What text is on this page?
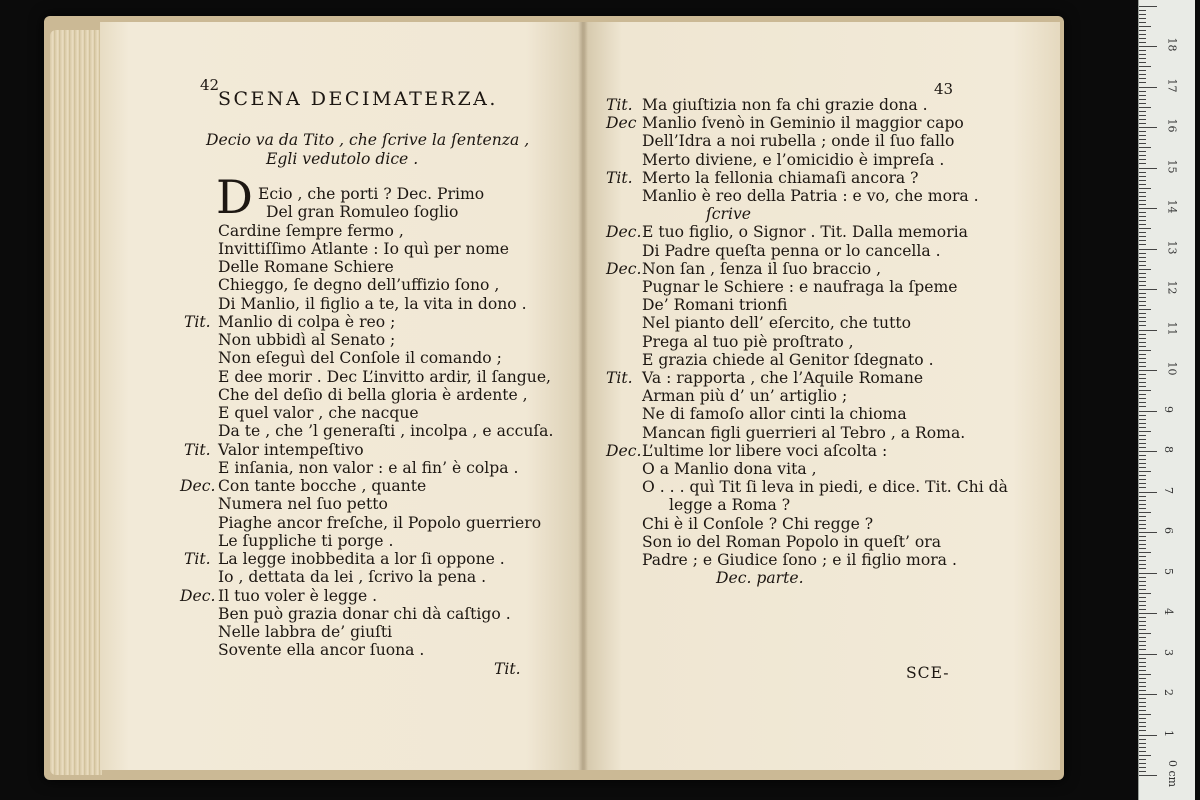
42
SCENA DECIMATERZA.
Decio va da Tito , che ſcrive la ſentenza ,
Egli vedutolo dice .
D Ecio , che porti ? Dec. Primo
Del gran Romuleo ſoglio
Cardine ſempre fermo ,
Invittiſſimo Atlante : Io quì per nome
Delle Romane Schiere
Chieggo, ſe degno dell’uffizio ſono ,
Di Manlio, il figlio a te, la vita in dono .
Tit. Manlio di colpa è reo ;
Non ubbidì al Senato ;
Non eſeguì del Conſole il comando ;
E dee morir . Dec L’invitto ardir, il ſangue,
Che del deſio di bella gloria è ardente ,
E quel valor , che nacque
Da te , che ’l generaſti , incolpa , e accuſa.
Tit. Valor intempeſtivo
E inſania, non valor : e al fin’ è colpa .
Dec. Con tante bocche , quante
Numera nel ſuo petto
Piaghe ancor freſche, il Popolo guerriero
Le ſuppliche ti porge .
Tit. La legge inobbedita a lor ſi oppone .
Io , dettata da lei , ſcrivo la pena .
Dec. Il tuo voler è legge .
Ben può grazia donar chi dà caſtigo .
Nelle labbra de’ giuſti
Sovente ella ancor ſuona .
Tit.
43
Tit. Ma giuſtizia non fa chi grazie dona .
Dec Manlio ſvenò in Geminio il maggior capo
Dell’Idra a noi rubella ; onde il ſuo fallo
Merto diviene, e l’omicidio è impreſa .
Tit. Merto la fellonia chiamaſi ancora ?
Manlio è reo della Patria : e vo, che mora .
ſcrive
Dec. E tuo figlio, o Signor . Tit. Dalla memoria
Di Padre queſta penna or lo cancella .
Dec. Non ſan , ſenza il ſuo braccio ,
Pugnar le Schiere : e naufraga la ſpeme
De’ Romani trionfi
Nel pianto dell’ eſercito, che tutto
Prega al tuo piè proſtrato ,
E grazia chiede al Genitor ſdegnato .
Tit. Va : rapporta , che l’Aquile Romane
Arman più d’ un’ artiglio ;
Ne di famoſo allor cinti la chioma
Mancan figli guerrieri al Tebro , a Roma.
Dec. L’ultime lor libere voci aſcolta :
O a Manlio dona vita ,
O . . . quì Tit ſi leva in piedi, e dice. Tit. Chi dà
legge a Roma ?
Chi è il Conſole ? Chi regge ?
Son io del Roman Popolo in queſt’ ora
Padre ; e Giudice ſono ; e il figlio mora .
Dec. parte.
SCE-
0 cm
1
2
3
4
5
6
7
8
9
10
11
12
13
14
15
16
17
18
